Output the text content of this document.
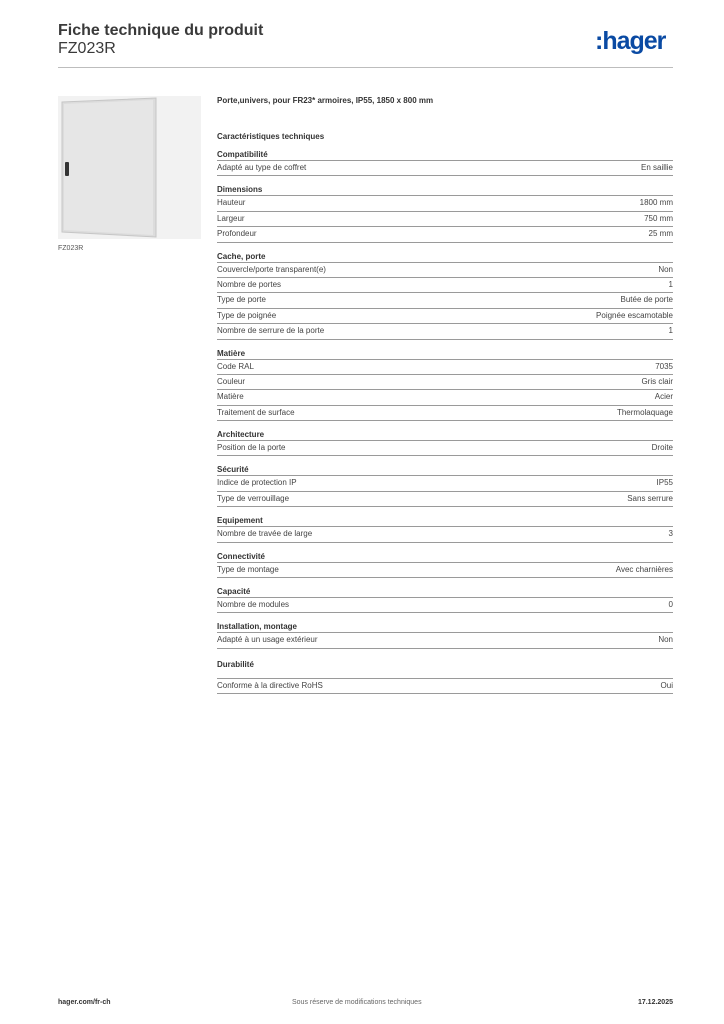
Fiche technique du produit
FZ023R	:hager
FZ023R
Porte,univers, pour FR23* armoires, IP55, 1850 x 800 mm
Caractéristiques techniques
Compatibilité
Adapté au type de coffret	En saillie
Dimensions
Hauteur	1800 mm
Largeur	750 mm
Profondeur	25 mm
Cache, porte
Couvercle/porte transparent(e)	Non
Nombre de portes	1
Type de porte	Butée de porte
Type de poignée	Poignée escamotable
Nombre de serrure de la porte	1
Matière
Code RAL	7035
Couleur	Gris clair
Matière	Acier
Traitement de surface	Thermolaquage
Architecture
Position de la porte	Droite
Sécurité
Indice de protection IP	IP55
Type de verrouillage	Sans serrure
Equipement
Nombre de travée de large	3
Connectivité
Type de montage	Avec charnières
Capacité
Nombre de modules	0
Installation, montage
Adapté à un usage extérieur	Non
Durabilité
Conforme à la directive RoHS	Oui
hager.com/fr-ch	Sous réserve de modifications techniques	17.12.2025
